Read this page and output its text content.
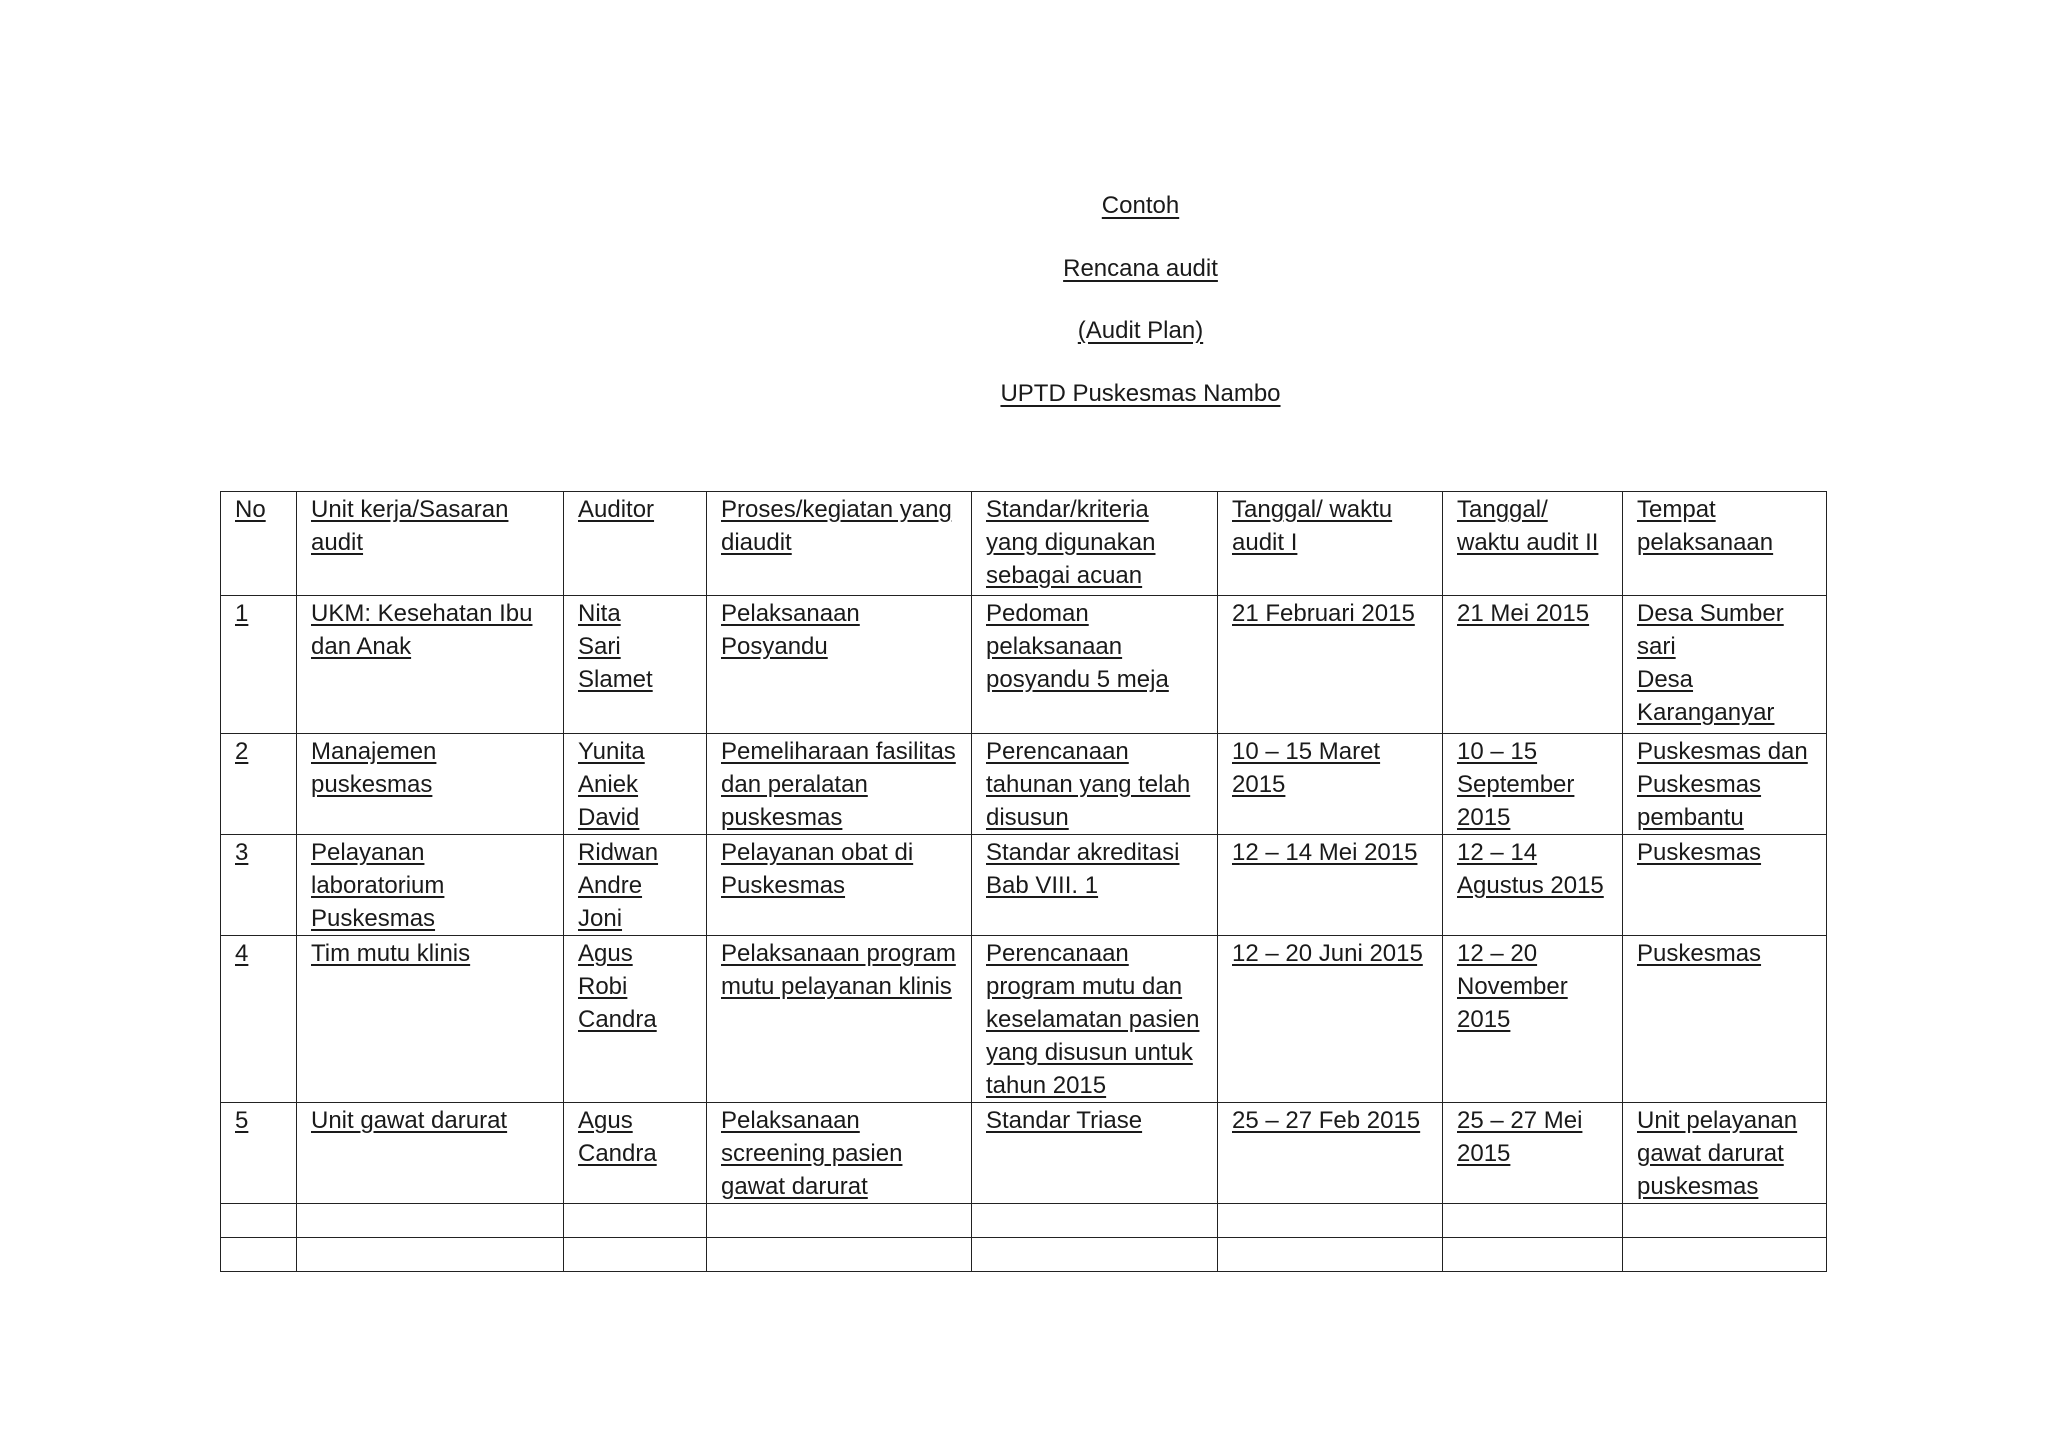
Contoh
Rencana audit
(Audit Plan)
UPTD Puskesmas Nambo
No	Unit kerja/Sasaran audit	Auditor	Proses/kegiatan yang diaudit	Standar/kriteria yang digunakan sebagai acuan	Tanggal/ waktu audit I	Tanggal/ waktu audit II	Tempat pelaksanaan
1	UKM: Kesehatan Ibu dan Anak	Nita
Sari
Slamet	Pelaksanaan Posyandu	Pedoman pelaksanaan posyandu 5 meja	21 Februari 2015	21 Mei 2015	Desa Sumber sari
Desa Karanganyar

2	Manajemen puskesmas	Yunita
Aniek
David	Pemeliharaan fasilitas dan peralatan puskesmas	Perencanaan tahunan yang telah disusun	10 – 15 Maret 2015	10 – 15 September 2015	Puskesmas dan Puskesmas pembantu
3	Pelayanan laboratorium Puskesmas	Ridwan
Andre
Joni	Pelayanan obat di Puskesmas	Standar akreditasi Bab VIII. 1	12 – 14 Mei 2015	12 – 14 Agustus 2015	Puskesmas
4	Tim mutu klinis	Agus
Robi
Candra	Pelaksanaan program mutu pelayanan klinis	Perencanaan program mutu dan keselamatan pasien yang disusun untuk tahun 2015	12 – 20 Juni 2015	12 – 20 November 2015	Puskesmas
5	Unit gawat darurat	Agus
Candra	Pelaksanaan screening pasien gawat darurat	Standar Triase	25 – 27 Feb 2015	25 – 27 Mei 2015	Unit pelayanan gawat darurat puskesmas
